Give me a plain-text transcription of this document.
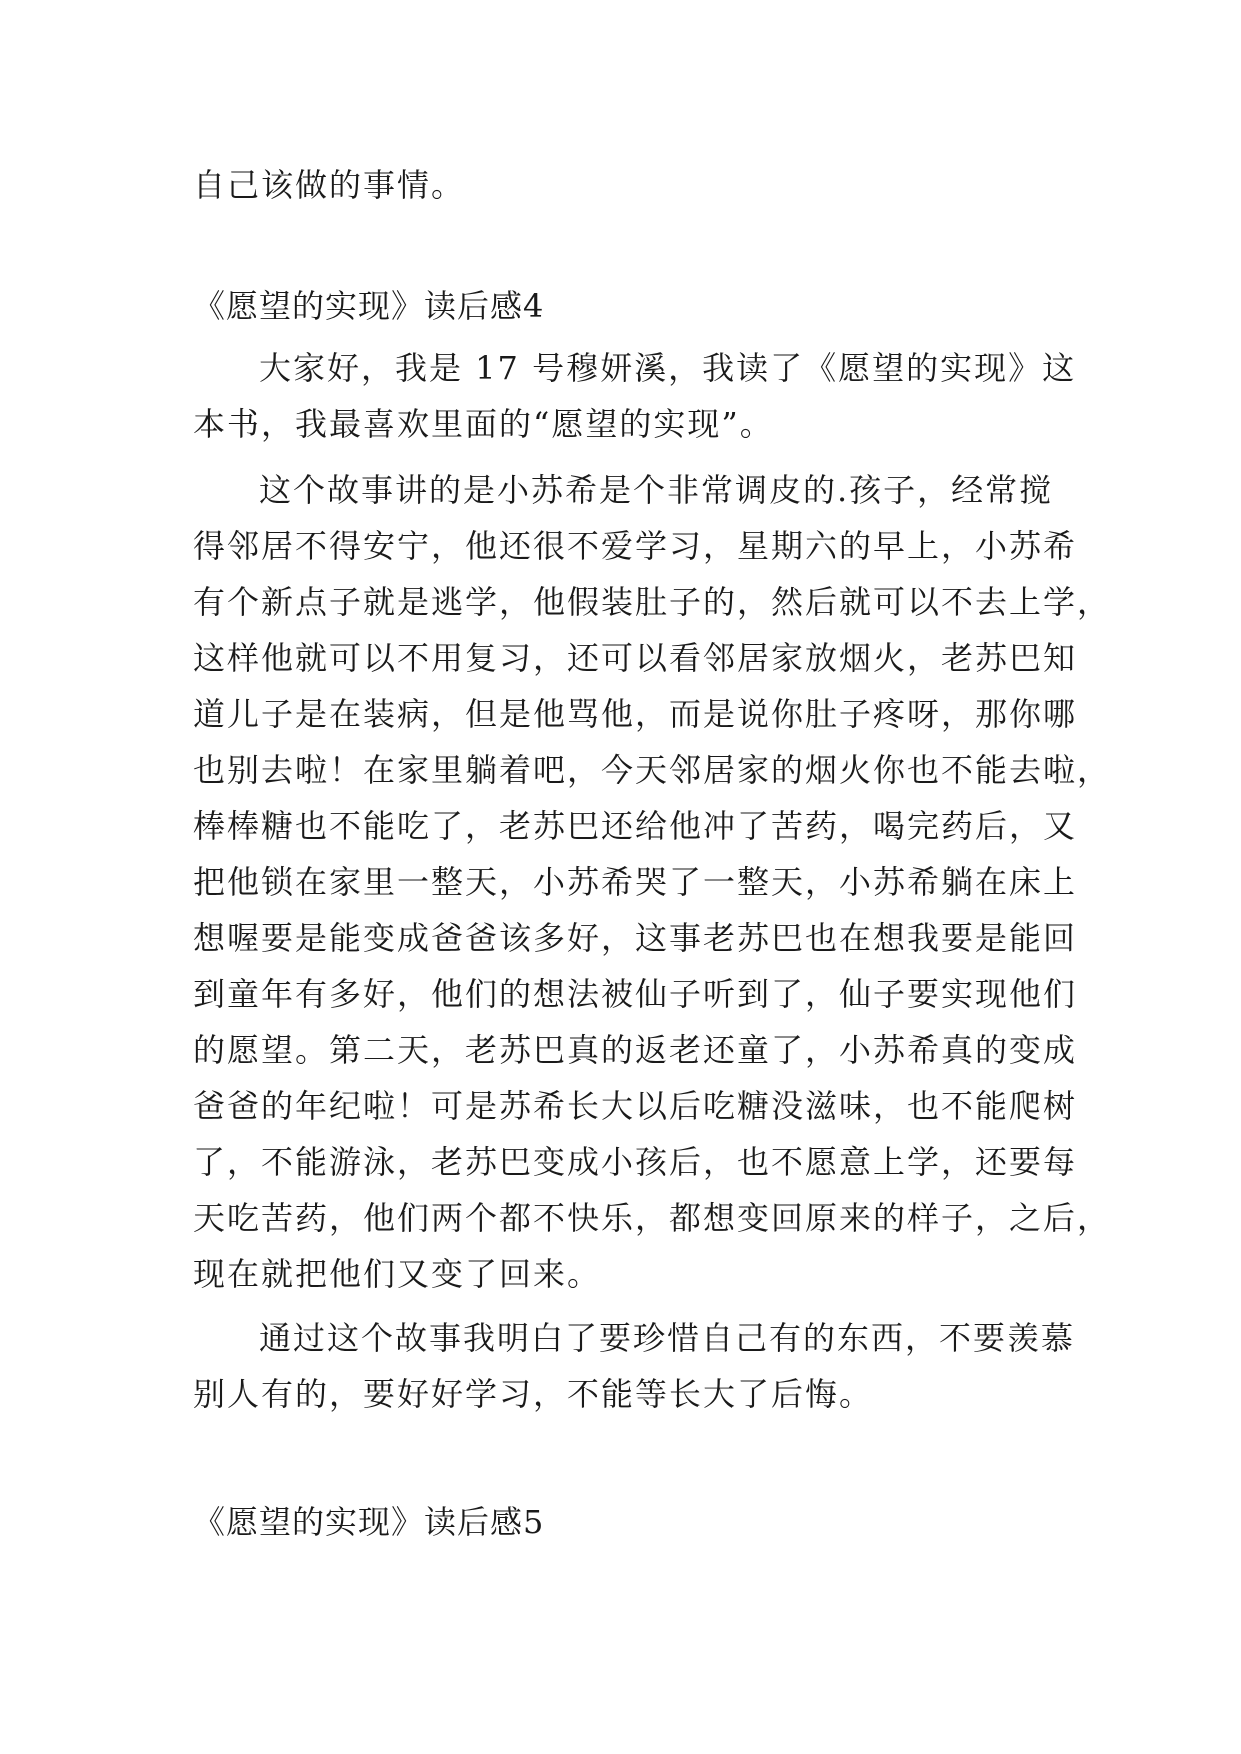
自己该做的事情。

《愿望的实现》读后感4
大家好，我是 17 号穆妍溪，我读了《愿望的实现》这
本书，我最喜欢里面的“愿望的实现”。
这个故事讲的是小苏希是个非常调皮的.孩子，经常搅
得邻居不得安宁，他还很不爱学习，星期六的早上，小苏希
有个新点子就是逃学，他假装肚子的，然后就可以不去上学，
这样他就可以不用复习，还可以看邻居家放烟火，老苏巴知
道儿子是在装病，但是他骂他，而是说你肚子疼呀，那你哪
也别去啦！在家里躺着吧，今天邻居家的烟火你也不能去啦，
棒棒糖也不能吃了，老苏巴还给他冲了苦药，喝完药后，又
把他锁在家里一整天，小苏希哭了一整天，小苏希躺在床上
想喔要是能变成爸爸该多好，这事老苏巴也在想我要是能回
到童年有多好，他们的想法被仙子听到了，仙子要实现他们
的愿望。第二天，老苏巴真的返老还童了，小苏希真的变成
爸爸的年纪啦！可是苏希长大以后吃糖没滋味，也不能爬树
了，不能游泳，老苏巴变成小孩后，也不愿意上学，还要每
天吃苦药，他们两个都不快乐，都想变回原来的样子，之后，
现在就把他们又变了回来。
通过这个故事我明白了要珍惜自己有的东西，不要羡慕
别人有的，要好好学习，不能等长大了后悔。
《愿望的实现》读后感5
